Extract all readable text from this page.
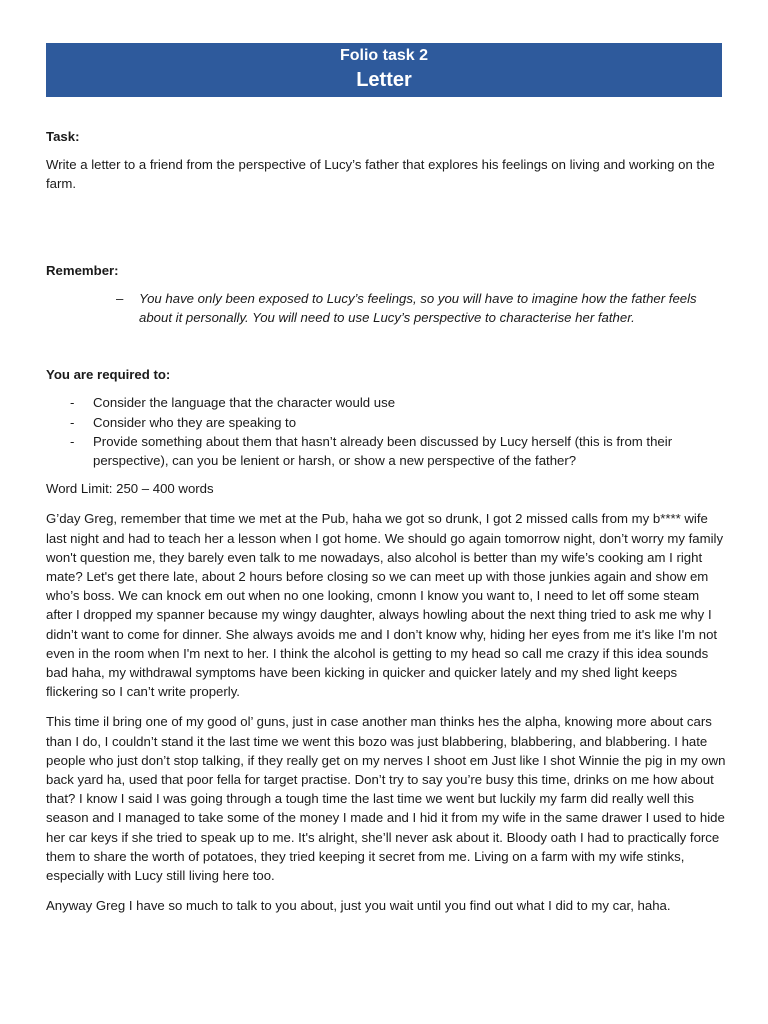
Folio task 2
Letter

Task:

Write a letter to a friend from the perspective of Lucy’s father that explores his feelings on living and working on the farm.

Remember:

– You have only been exposed to Lucy’s feelings, so you will have to imagine how the father feels about it personally. You will need to use Lucy’s perspective to characterise her father.

You are required to:

- Consider the language that the character would use
- Consider who they are speaking to
- Provide something about them that hasn’t already been discussed by Lucy herself (this is from their perspective), can you be lenient or harsh, or show a new perspective of the father?

Word Limit: 250 – 400 words

G’day Greg, remember that time we met at the Pub, haha we got so drunk, I got 2 missed calls from my b**** wife last night and had to teach her a lesson when I got home. We should go again tomorrow night, don’t worry my family won't question me, they barely even talk to me nowadays, also alcohol is better than my wife’s cooking am I right mate? Let's get there late, about 2 hours before closing so we can meet up with those junkies again and show em who’s boss. We can knock em out when no one looking, cmonn I know you want to, I need to let off some steam after I dropped my spanner because my wingy daughter, always howling about the next thing tried to ask me why I didn’t want to come for dinner. She always avoids me and I don’t know why, hiding her eyes from me it's like I'm not even in the room when I'm next to her. I think the alcohol is getting to my head so call me crazy if this idea sounds bad haha, my withdrawal symptoms have been kicking in quicker and quicker lately and my shed light keeps flickering so I can’t write properly.

This time il bring one of my good ol’ guns, just in case another man thinks hes the alpha, knowing more about cars than I do, I couldn’t stand it the last time we went this bozo was just blabbering, blabbering, and blabbering. I hate people who just don’t stop talking, if they really get on my nerves I shoot em Just like I shot Winnie the pig in my own back yard ha, used that poor fella for target practise. Don’t try to say you’re busy this time, drinks on me how about that? I know I said I was going through a tough time the last time we went but luckily my farm did really well this season and I managed to take some of the money I made and I hid it from my wife in the same drawer I used to hide her car keys if she tried to speak up to me. It's alright, she’ll never ask about it. Bloody oath I had to practically force them to share the worth of potatoes, they tried keeping it secret from me. Living on a farm with my wife stinks, especially with Lucy still living here too.

Anyway Greg I have so much to talk to you about, just you wait until you find out what I did to my car, haha.
